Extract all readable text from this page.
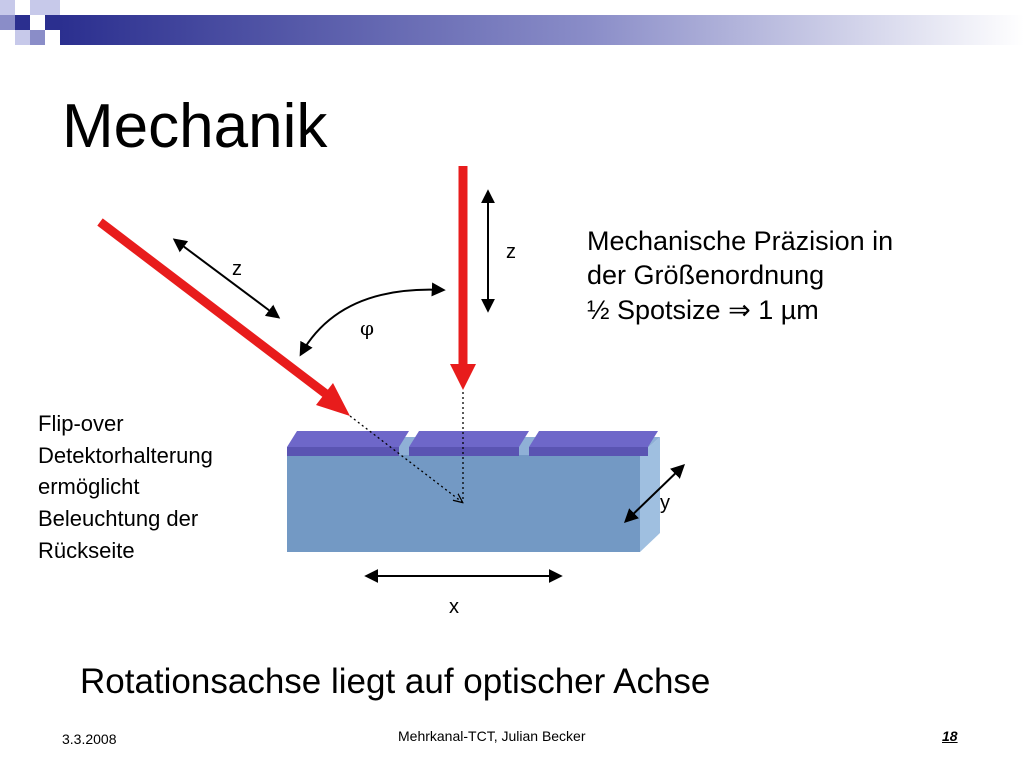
Mechanik
z
z
φ
x
y
Mechanische Präzision in
der Größenordnung
½ Spotsize ⇒ 1 µm
Flip-over
Detektorhalterung
ermöglicht
Beleuchtung der
Rückseite
Rotationsachse liegt auf optischer Achse
3.3.2008	Mehrkanal-TCT, Julian Becker	18
